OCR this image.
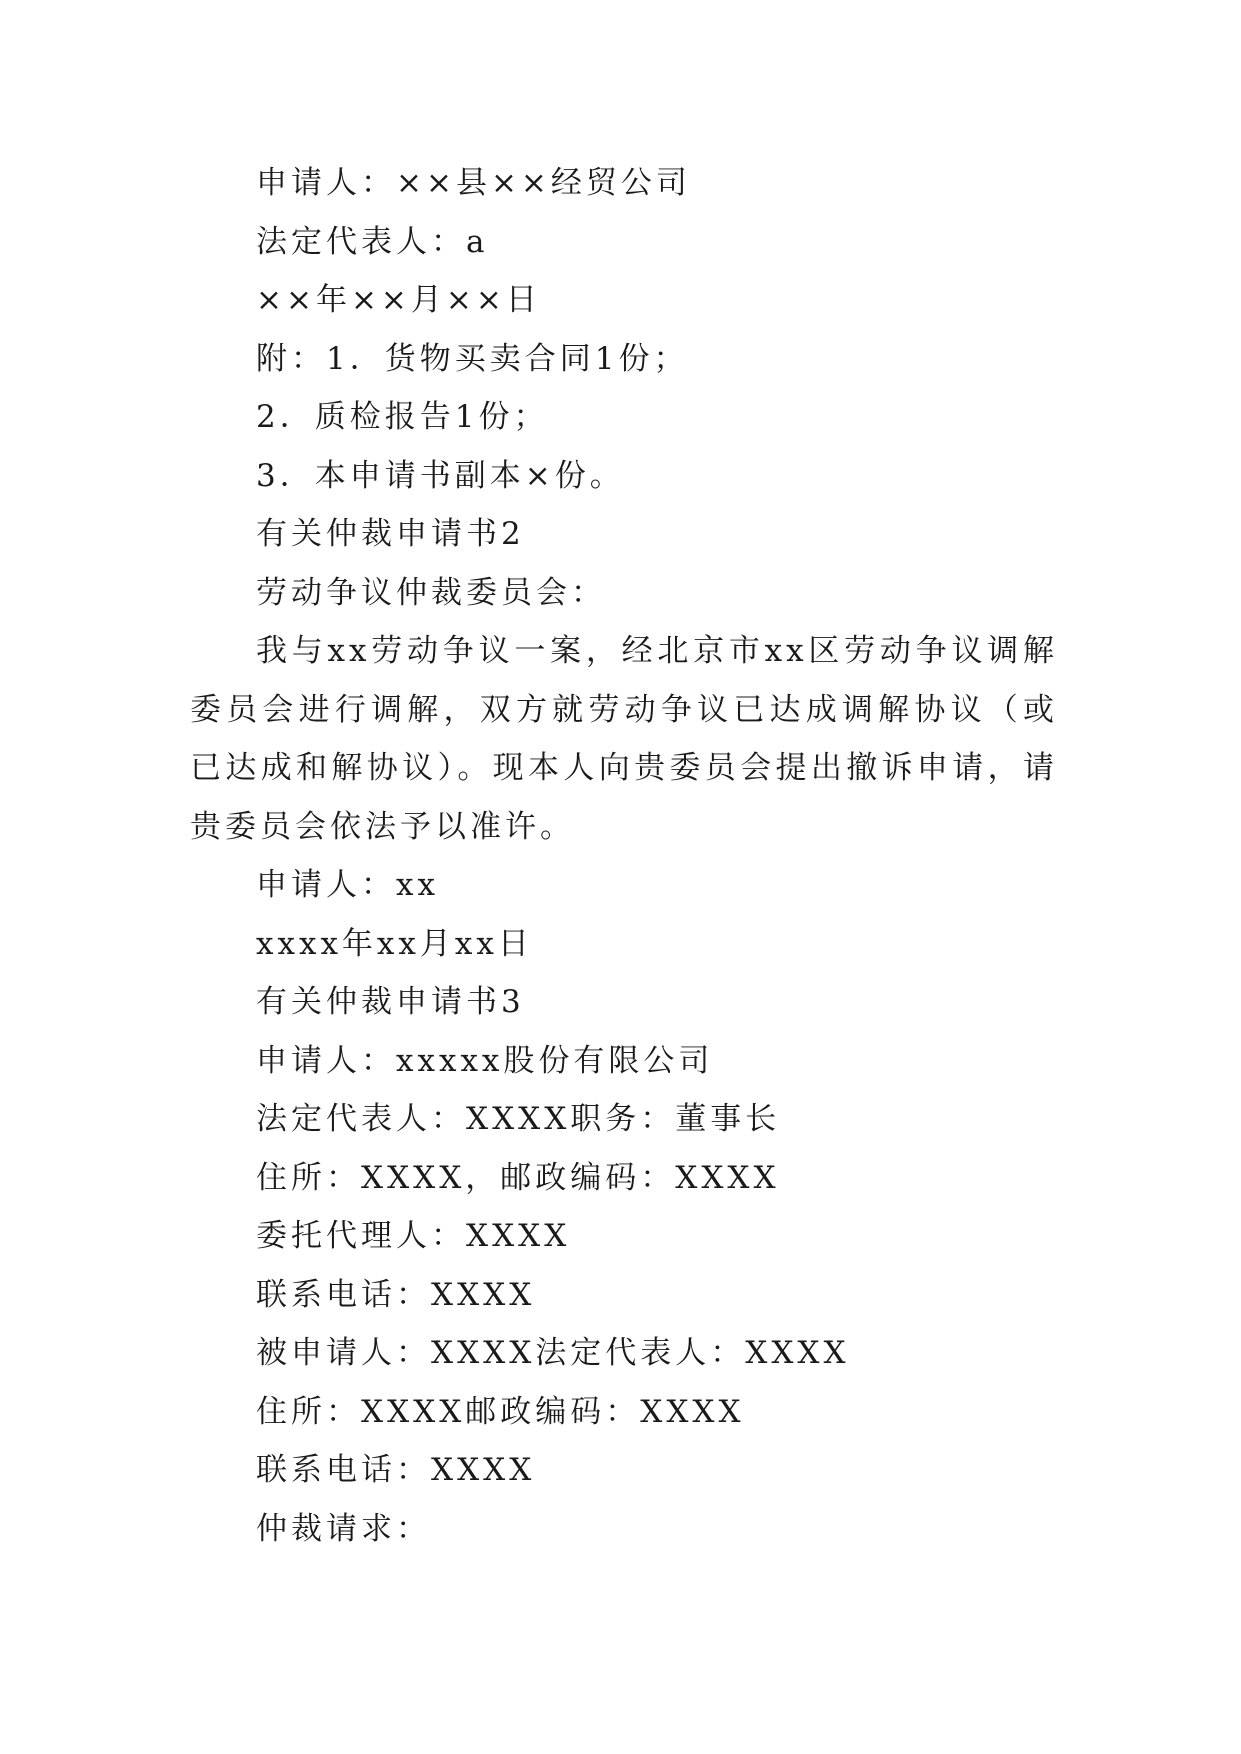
申请人：××县××经贸公司
法定代表人：a
××年××月××日
附：1．货物买卖合同1份；
2．质检报告1份；
3．本申请书副本×份。
有关仲裁申请书2
劳动争议仲裁委员会：
我与xx劳动争议一案，经北京市xx区劳动争议调解委员会进行调解，双方就劳动争议已达成调解协议（或已达成和解协议）。现本人向贵委员会提出撤诉申请，请贵委员会依法予以准许。
申请人：xx
xxxx年xx月xx日
有关仲裁申请书3
申请人：xxxxx股份有限公司
法定代表人：XXXX职务：董事长
住所：XXXX，邮政编码：XXXX
委托代理人：XXXX
联系电话：XXXX
被申请人：XXXX法定代表人：XXXX
住所：XXXX邮政编码：XXXX
联系电话：XXXX
仲裁请求：
